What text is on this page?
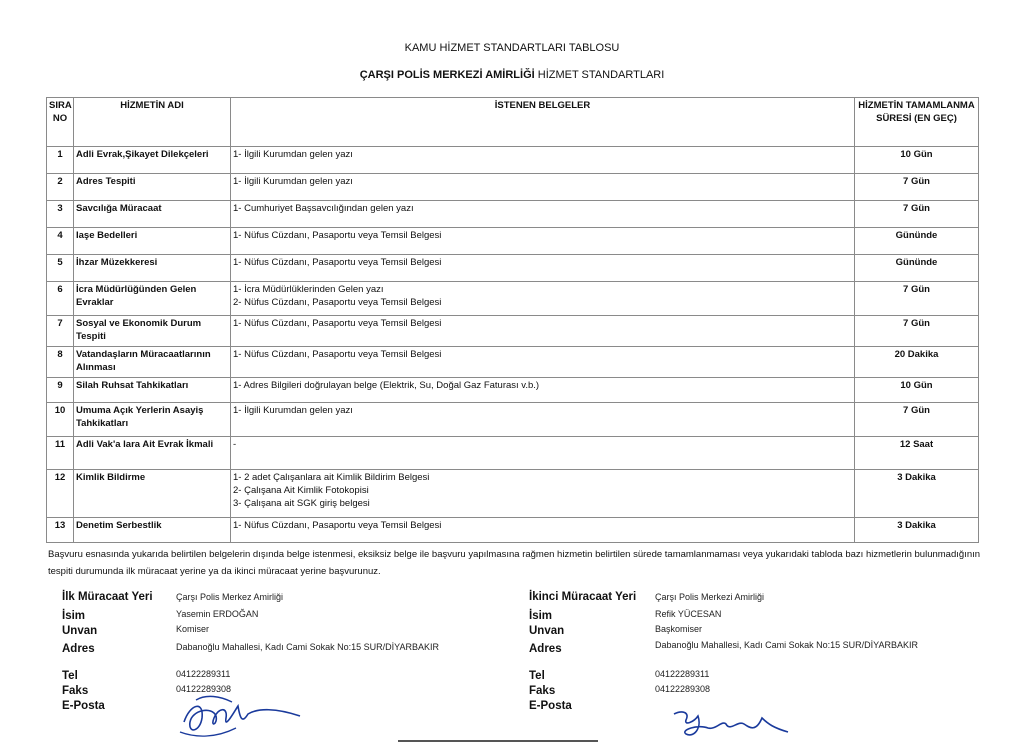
KAMU HİZMET STANDARTLARI TABLOSU
ÇARŞI POLİS MERKEZİ AMİRLİĞİ HİZMET STANDARTLARI
SIRA NO	HİZMETİN ADI	İSTENEN BELGELER	HİZMETİN TAMAMLANMA SÜRESİ (EN GEÇ)
1	Adli Evrak,Şikayet Dilekçeleri	1- İlgili Kurumdan gelen yazı	10 Gün
2	Adres Tespiti	1- İlgili Kurumdan gelen yazı	7 Gün
3	Savcılığa Müracaat	1- Cumhuriyet Başsavcılığından gelen yazı	7 Gün
4	Iaşe Bedelleri	1- Nüfus Cüzdanı, Pasaportu veya Temsil Belgesi	Gününde
5	İhzar Müzekkeresi	1- Nüfus Cüzdanı, Pasaportu veya Temsil Belgesi	Gününde
6	İcra Müdürlüğünden Gelen Evraklar	1- İcra Müdürlüklerinden Gelen yazı
2- Nüfus Cüzdanı, Pasaportu veya Temsil Belgesi	7 Gün
7	Sosyal ve Ekonomik Durum Tespiti	1- Nüfus Cüzdanı, Pasaportu veya Temsil Belgesi	7 Gün
8	Vatandaşların Müracaatlarının Alınması	1- Nüfus Cüzdanı, Pasaportu veya Temsil Belgesi	20 Dakika
9	Silah Ruhsat Tahkikatları	1- Adres Bilgileri doğrulayan belge (Elektrik, Su, Doğal Gaz Faturası v.b.)	10 Gün
10	Umuma Açık Yerlerin Asayiş Tahkikatları	1- İlgili Kurumdan gelen yazı	7 Gün
11	Adli Vak'a lara Ait Evrak İkmali	-	12 Saat
12	Kimlik Bildirme	1- 2 adet Çalışanlara ait Kimlik Bildirim Belgesi
2- Çalışana Ait Kimlik Fotokopisi
3- Çalışana ait SGK giriş belgesi	3 Dakika
13	Denetim Serbestlik	1- Nüfus Cüzdanı, Pasaportu veya Temsil Belgesi	3 Dakika
Başvuru esnasında yukarıda belirtilen belgelerin dışında belge istenmesi, eksiksiz belge ile başvuru yapılmasına rağmen hizmetin belirtilen sürede tamamlanmaması veya yukarıdaki tabloda bazı hizmetlerin bulunmadığının tespiti durumunda ilk müracaat yerine ya da ikinci müracaat yerine başvurunuz.
İlk Müracaat Yeri	Çarşı Polis Merkez Amirliği
İsim	Yasemin ERDOĞAN
Unvan	Komiser
Adres	Dabanoğlu Mahallesi, Kadı Cami Sokak No:15 SUR/DİYARBAKIR
Tel	04122289311
Faks	04122289308
E-Posta
İkinci Müracaat Yeri Çarşı Polis Merkezi Amirliği
İsim	Refik YÜCESAN
Unvan	Başkomiser
Adres	Dabanoğlu Mahallesi, Kadı Cami Sokak No:15 SUR/DİYARBAKIR
Tel	04122289311
Faks	04122289308
E-Posta
